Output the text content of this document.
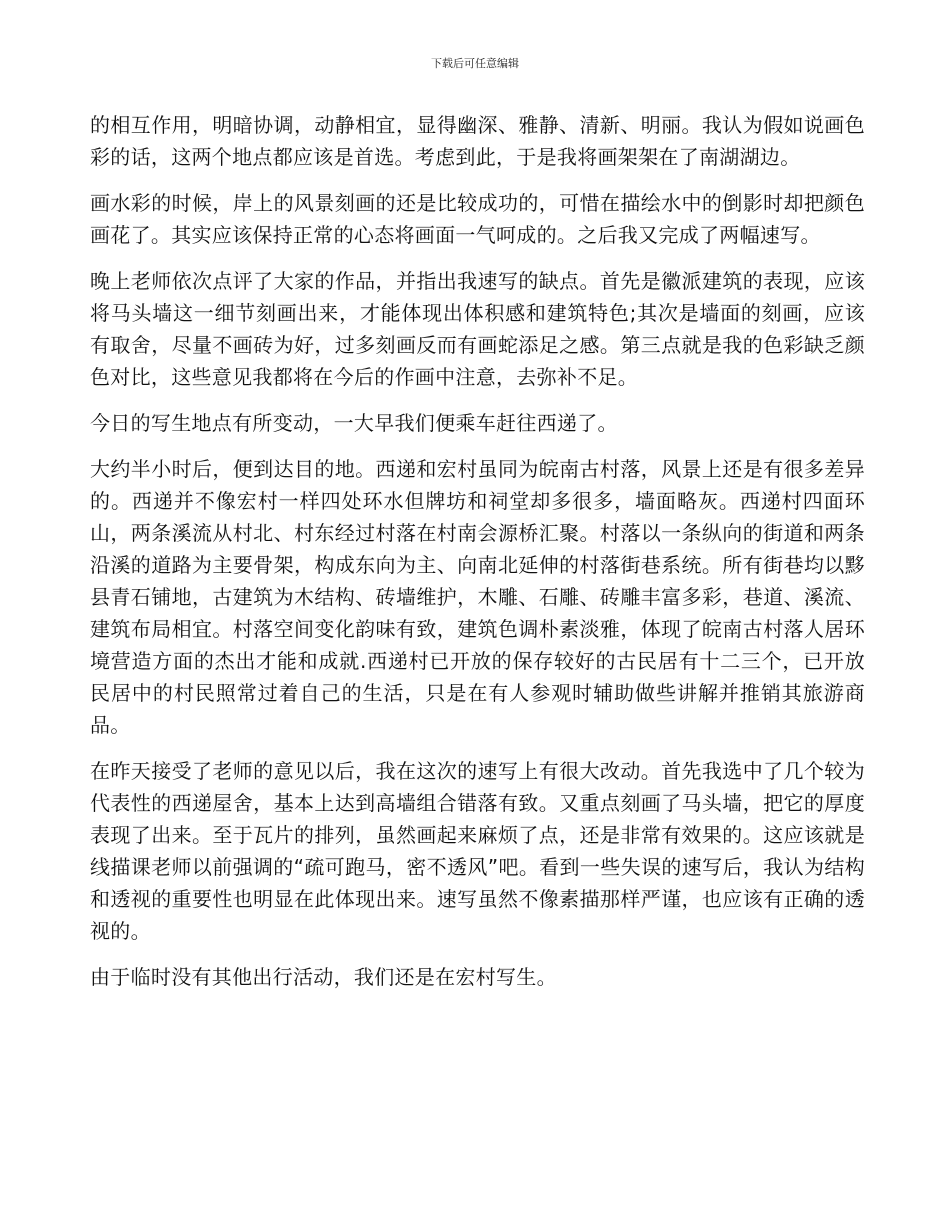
下载后可任意编辑

的相互作用，明暗协调，动静相宜，显得幽深、雅静、清新、明丽。我认为假如说画色彩的话，这两个地点都应该是首选。考虑到此，于是我将画架架在了南湖湖边。

画水彩的时候，岸上的风景刻画的还是比较成功的，可惜在描绘水中的倒影时却把颜色画花了。其实应该保持正常的心态将画面一气呵成的。之后我又完成了两幅速写。

晚上老师依次点评了大家的作品，并指出我速写的缺点。首先是徽派建筑的表现，应该将马头墙这一细节刻画出来，才能体现出体积感和建筑特色;其次是墙面的刻画，应该有取舍，尽量不画砖为好，过多刻画反而有画蛇添足之感。第三点就是我的色彩缺乏颜色对比，这些意见我都将在今后的作画中注意，去弥补不足。

今日的写生地点有所变动，一大早我们便乘车赶往西递了。

大约半小时后，便到达目的地。西递和宏村虽同为皖南古村落，风景上还是有很多差异的。西递并不像宏村一样四处环水但牌坊和祠堂却多很多，墙面略灰。西递村四面环山，两条溪流从村北、村东经过村落在村南会源桥汇聚。村落以一条纵向的街道和两条沿溪的道路为主要骨架，构成东向为主、向南北延伸的村落街巷系统。所有街巷均以黟县青石铺地，古建筑为木结构、砖墙维护，木雕、石雕、砖雕丰富多彩，巷道、溪流、建筑布局相宜。村落空间变化韵味有致，建筑色调朴素淡雅，体现了皖南古村落人居环境营造方面的杰出才能和成就.西递村已开放的保存较好的古民居有十二三个，已开放民居中的村民照常过着自己的生活，只是在有人参观时辅助做些讲解并推销其旅游商品。

在昨天接受了老师的意见以后，我在这次的速写上有很大改动。首先我选中了几个较为代表性的西递屋舍，基本上达到高墙组合错落有致。又重点刻画了马头墙，把它的厚度表现了出来。至于瓦片的排列，虽然画起来麻烦了点，还是非常有效果的。这应该就是线描课老师以前强调的“疏可跑马，密不透风”吧。看到一些失误的速写后，我认为结构和透视的重要性也明显在此体现出来。速写虽然不像素描那样严谨，也应该有正确的透视的。

由于临时没有其他出行活动，我们还是在宏村写生。
